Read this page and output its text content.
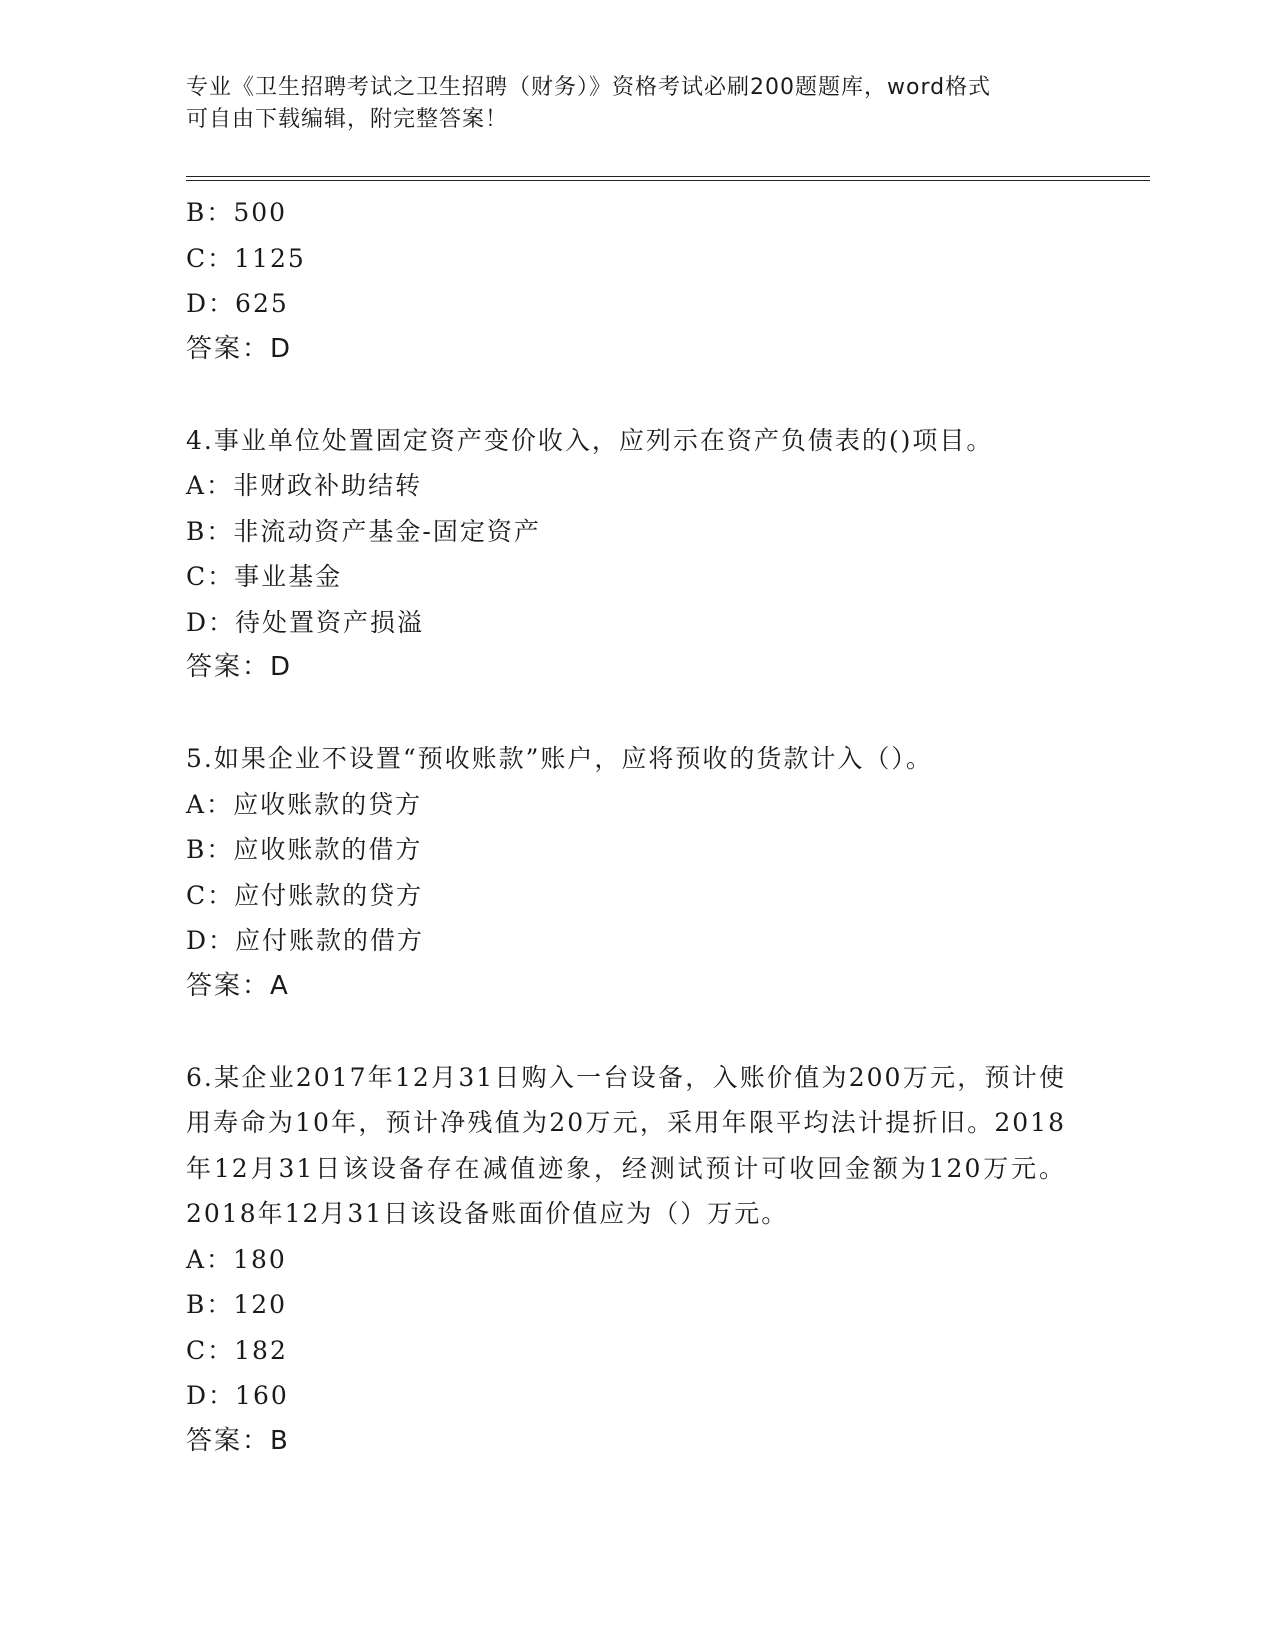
专业《卫生招聘考试之卫生招聘（财务）》资格考试必刷200题题库，word格式
可自由下载编辑，附完整答案！
B：500
C：1125
D：625
答案：D
4.事业单位处置固定资产变价收入，应列示在资产负债表的()项目。
A：非财政补助结转
B：非流动资产基金-固定资产
C：事业基金
D：待处置资产损溢
答案：D
5.如果企业不设置“预收账款”账户，应将预收的货款计入（）。
A：应收账款的贷方
B：应收账款的借方
C：应付账款的贷方
D：应付账款的借方
答案：A
6.某企业2017年12月31日购入一台设备，入账价值为200万元，预计使用寿命为10年，预计净残值为20万元，采用年限平均法计提折旧。2018年12月31日该设备存在减值迹象，经测试预计可收回金额为120万元。2018年12月31日该设备账面价值应为（）万元。
A：180
B：120
C：182
D：160
答案：B
